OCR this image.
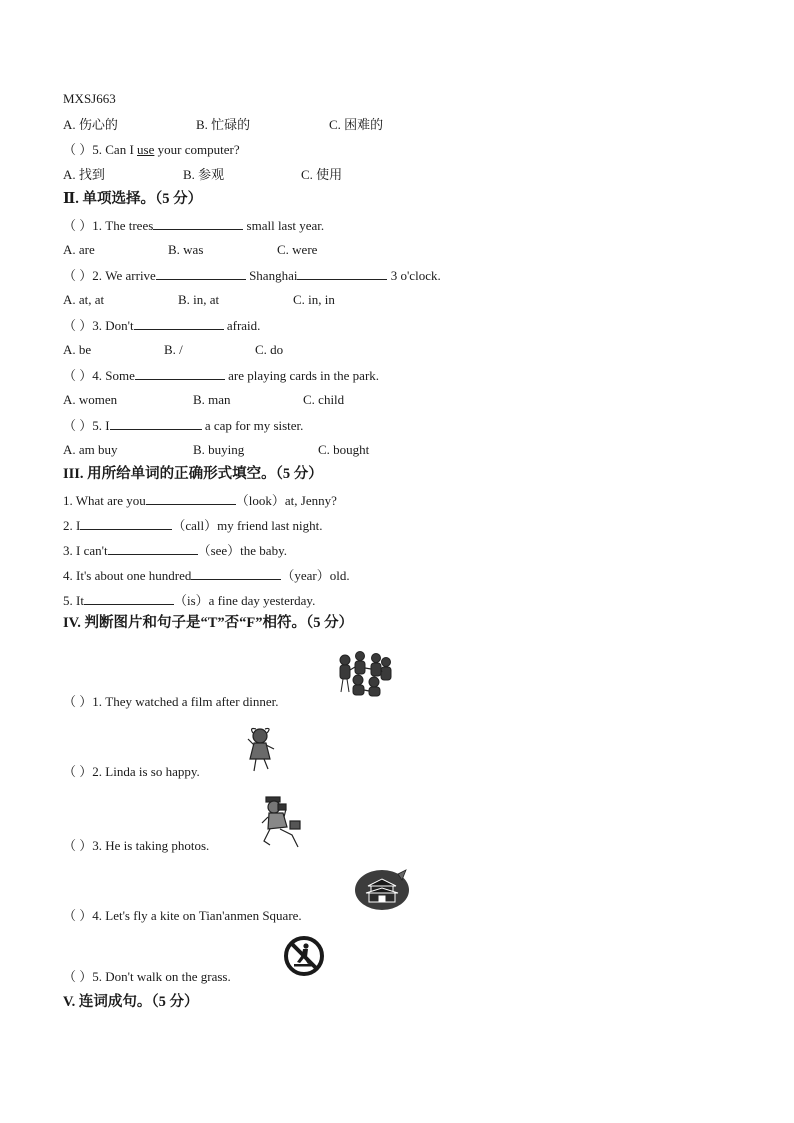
MXSJ663
A. 伤心的	B. 忙碌的	C. 困难的
（ ）5. Can I use your computer?
A. 找到	B. 参观	C. 使用
Ⅱ. 单项选择。（5 分）
（ ）1. The trees	small last year.
A. are	B. was	C. were
（ ）2. We arrive	Shanghai	3 o'clock.
A. at, at	B. in, at	C. in, in
（ ）3. Don't	afraid.
A. be	B. /	C. do
（ ）4. Some	are playing cards in the park.
A. women	B. man	C. child
（ ）5. I	a cap for my sister.
A. am buy	B. buying	C. bought
III. 用所给单词的正确形式填空。（5 分）
1. What are you	（look）at, Jenny?
2. I	（call）my friend last night.
3. I can't	（see）the baby.
4. It's about one hundred	（year）old.
5. It	（is）a fine day yesterday.
IV. 判断图片和句子是“T”否“F”相符。（5 分）
（ ）1. They watched a film after dinner.
（ ）2. Linda is so happy.
（ ）3. He is taking photos.
（ ）4. Let's fly a kite on Tian'anmen Square.
（ ）5. Don't walk on the grass.
V. 连词成句。（5 分）
